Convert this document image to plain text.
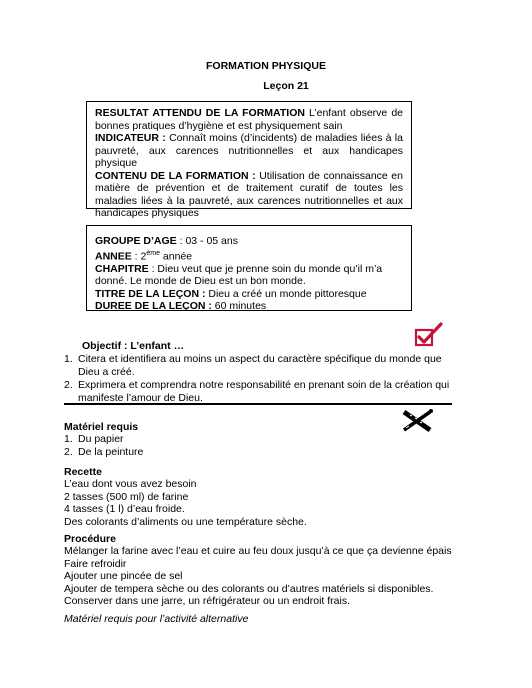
FORMATION PHYSIQUE
Leçon 21
RESULTAT ATTENDU DE LA FORMATION L’enfant observe de bonnes pratiques d’hygiène et est physiquement sain
INDICATEUR : Connaît moins (d’incidents) de maladies liées à la pauvreté, aux carences nutritionnelles et aux handicapes physique
CONTENU DE LA FORMATION : Utilisation de connaissance en matière de prévention et de traitement curatif de toutes les maladies liées à la pauvreté, aux carences nutritionnelles et aux handicapes physiques
GROUPE D’AGE : 03 - 05 ans
ANNEE : 2ème année
CHAPITRE : Dieu veut que je prenne soin du monde qu’il m’a donné. Le monde de Dieu est un bon monde.
TITRE DE LA LEÇON : Dieu a créé un monde pittoresque
DUREE DE LA LEÇON : 60 minutes
Objectif : L’enfant …
1. Citera et identifiera au moins un aspect du caractère spécifique du monde que Dieu a créé.
2. Exprimera et comprendra notre responsabilité en prenant soin de la création qui manifeste l’amour de Dieu.
Matériel requis
1. Du papier
2. De la peinture
Recette
L’eau dont vous avez besoin
2 tasses (500 ml) de farine
4 tasses (1 l) d’eau froide.
Des colorants d’aliments ou une température sèche.
Procédure
Mélanger la farine avec l’eau et cuire au feu doux jusqu’à ce que ça devienne épais
Faire refroidir
Ajouter une pincée de sel
Ajouter de tempera sèche ou des colorants ou d’autres matériels si disponibles.
Conserver dans une jarre, un réfrigérateur ou un endroit frais.
Matériel requis pour l’activité alternative
